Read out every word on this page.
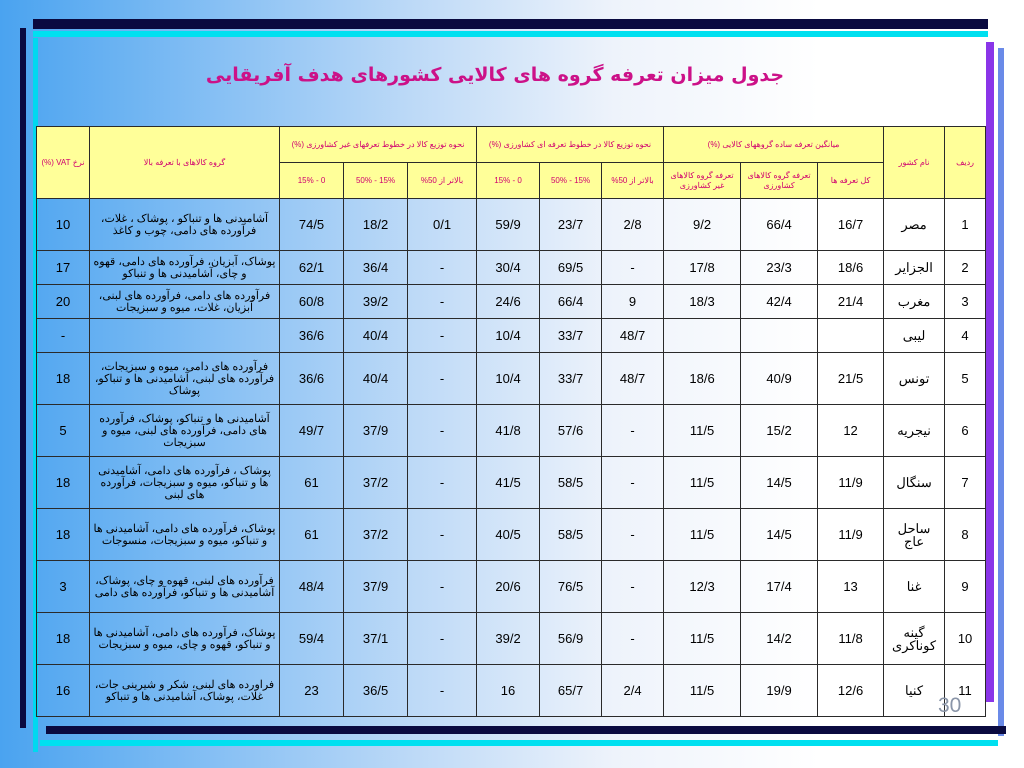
جدول میزان تعرفه گروه های کالایی کشورهای هدف آفریقایی
ردیف	نام کشور	میانگین تعرفه ساده گروههای کالایی (%)			نحوه توزیع کالا در خطوط تعرفه ای کشاورزی (%)			نحوه توزیع کالا در خطوط تعرفهای غیر کشاورزی (%)			گروه کالاهای با تعرفه بالا	نرخ VAT (%)
		کل تعرفه ها	تعرفه گروه کالاهای کشاورزی	تعرفه گروه کالاهای غیر کشاورزی	بالاتر از 50%	15% - 50%	0 - 15%	بالاتر از 50%	15% - 50%	0 - 15%		
1	مصر	16/7	66/4	9/2	2/8	23/7	59/9	0/1	18/2	74/5	آشامیدنی ها و تنباکو ، پوشاک ، غلات، فرآورده های دامی، چوب و کاغذ	10
2	الجزایر	18/6	23/3	17/8	-	69/5	30/4	-	36/4	62/1	پوشاک، آبزیان، فرآورده های دامی، قهوه و چای، آشامیدنی ها و تنباکو	17
3	مغرب	21/4	42/4	18/3	9	66/4	24/6	-	39/2	60/8	فرآورده های دامی، فرآورده های لبنی، آبزیان، غلات، میوه و سبزیجات	20
4	لیبی				48/7	33/7	10/4	-	40/4	36/6		-
5	تونس	21/5	40/9	18/6	48/7	33/7	10/4	-	40/4	36/6	فرآورده های دامی، میوه و سبزیجات، فرآورده های لبنی، آشامیدنی ها و تنباکو، پوشاک	18
6	نیجریه	12	15/2	11/5	-	57/6	41/8	-	37/9	49/7	آشامیدنی ها و تنباکو، پوشاک، فرآورده های دامی، فرآورده های لبنی، میوه و سبزیجات	5
7	سنگال	11/9	14/5	11/5	-	58/5	41/5	-	37/2	61	پوشاک ، فرآورده های دامی، آشامیدنی ها و تنباکو، میوه و سبزیجات، فرآورده های لبنی	18
8	ساحل عاج	11/9	14/5	11/5	-	58/5	40/5	-	37/2	61	پوشاک، فرآورده های دامی، آشامیدنی ها و تنباکو، میوه و سبزیجات، منسوجات	18
9	غنا	13	17/4	12/3	-	76/5	20/6	-	37/9	48/4	فرآورده های لبنی، قهوه و چای، پوشاک، آشامیدنی ها و تنباکو، فرآورده های دامی	3
10	گینه کوناکری	11/8	14/2	11/5	-	56/9	39/2	-	37/1	59/4	پوشاک، فرآورده های دامی، آشامیدنی ها و تنباکو، قهوه و چای، میوه و سبزیجات	18
11	کنیا	12/6	19/9	11/5	2/4	65/7	16	-	36/5	23	فراورده های لبنی، شکر و شیرینی جات، غلات، پوشاک، آشامیدنی ها و تنباکو	16
30
